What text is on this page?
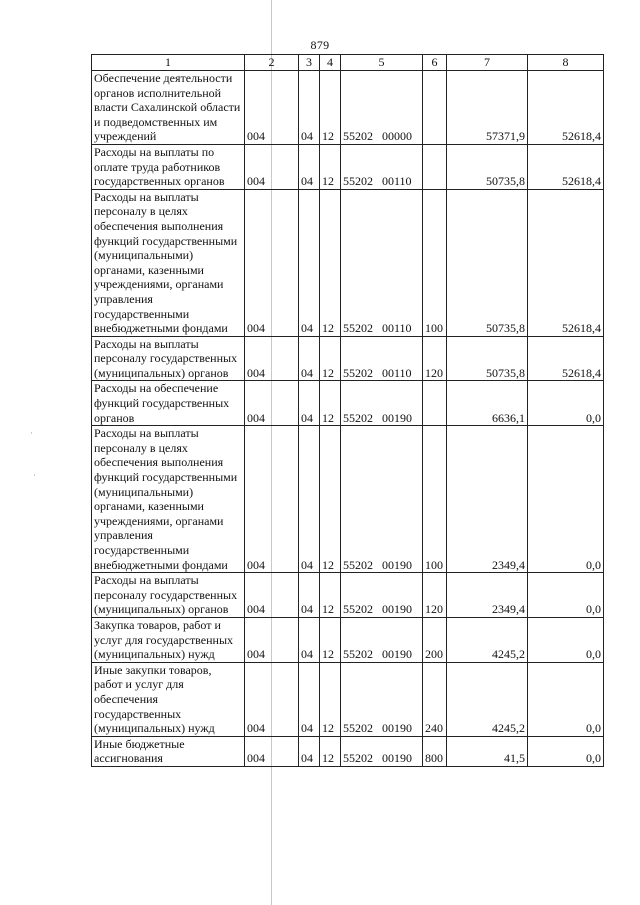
·
·
879
1	2	3	4	5	6	7	8
Обеспечение деятельности органов исполнительной власти Сахалинской области и подведомственных им учреждений	004	04	12	55202 00000		57371,9	52618,4
Расходы на выплаты по оплате труда работников государственных органов	004	04	12	55202 00110		50735,8	52618,4
Расходы на выплаты персоналу в целях обеспечения выполнения функций государственными (муниципальными) органами, казенными учреждениями, органами управления государственными внебюджетными фондами	004	04	12	55202 00110	100	50735,8	52618,4
Расходы на выплаты персоналу государственных (муниципальных) органов	004	04	12	55202 00110	120	50735,8	52618,4
Расходы на обеспечение функций государственных органов	004	04	12	55202 00190		6636,1	0,0
Расходы на выплаты персоналу в целях обеспечения выполнения функций государственными (муниципальными) органами, казенными учреждениями, органами управления государственными внебюджетными фондами	004	04	12	55202 00190	100	2349,4	0,0
Расходы на выплаты персоналу государственных (муниципальных) органов	004	04	12	55202 00190	120	2349,4	0,0
Закупка товаров, работ и услуг для государственных (муниципальных) нужд	004	04	12	55202 00190	200	4245,2	0,0
Иные закупки товаров, работ и услуг для обеспечения государственных (муниципальных) нужд	004	04	12	55202 00190	240	4245,2	0,0
Иные бюджетные ассигнования	004	04	12	55202 00190	800	41,5	0,0
